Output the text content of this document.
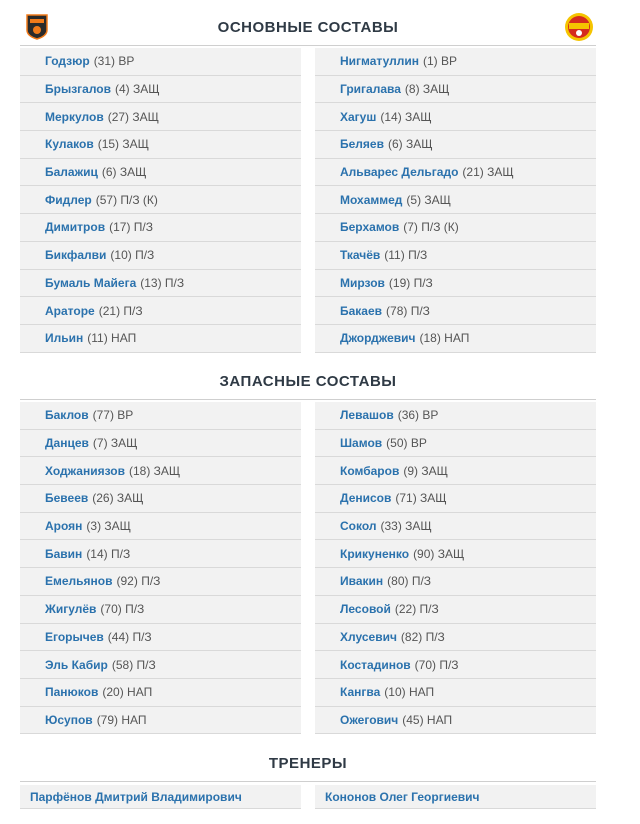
ОСНОВНЫЕ СОСТАВЫ
Годзюр (31) ВР
Брызгалов (4) ЗАЩ
Меркулов (27) ЗАЩ
Кулаков (15) ЗАЩ
Балажиц (6) ЗАЩ
Фидлер (57) П/З (К)
Димитров (17) П/З
Бикфалви (10) П/З
Бумаль Майега (13) П/З
Араторе (21) П/З
Ильин (11) НАП
Нигматуллин (1) ВР
Григалава (8) ЗАЩ
Хагуш (14) ЗАЩ
Беляев (6) ЗАЩ
Альварес Дельгадо (21) ЗАЩ
Мохаммед (5) ЗАЩ
Берхамов (7) П/З (К)
Ткачёв (11) П/З
Мирзов (19) П/З
Бакаев (78) П/З
Джорджевич (18) НАП
ЗАПАСНЫЕ СОСТАВЫ
Баклов (77) ВР
Данцев (7) ЗАЩ
Ходжаниязов (18) ЗАЩ
Бевеев (26) ЗАЩ
Ароян (3) ЗАЩ
Бавин (14) П/З
Емельянов (92) П/З
Жигулёв (70) П/З
Егорычев (44) П/З
Эль Кабир (58) П/З
Панюков (20) НАП
Юсупов (79) НАП
Левашов (36) ВР
Шамов (50) ВР
Комбаров (9) ЗАЩ
Денисов (71) ЗАЩ
Сокол (33) ЗАЩ
Крикуненко (90) ЗАЩ
Ивакин (80) П/З
Лесовой (22) П/З
Хлусевич (82) П/З
Костадинов (70) П/З
Кангва (10) НАП
Ожегович (45) НАП
ТРЕНЕРЫ
Парфёнов Дмитрий Владимирович	Кононов Олег Георгиевич
